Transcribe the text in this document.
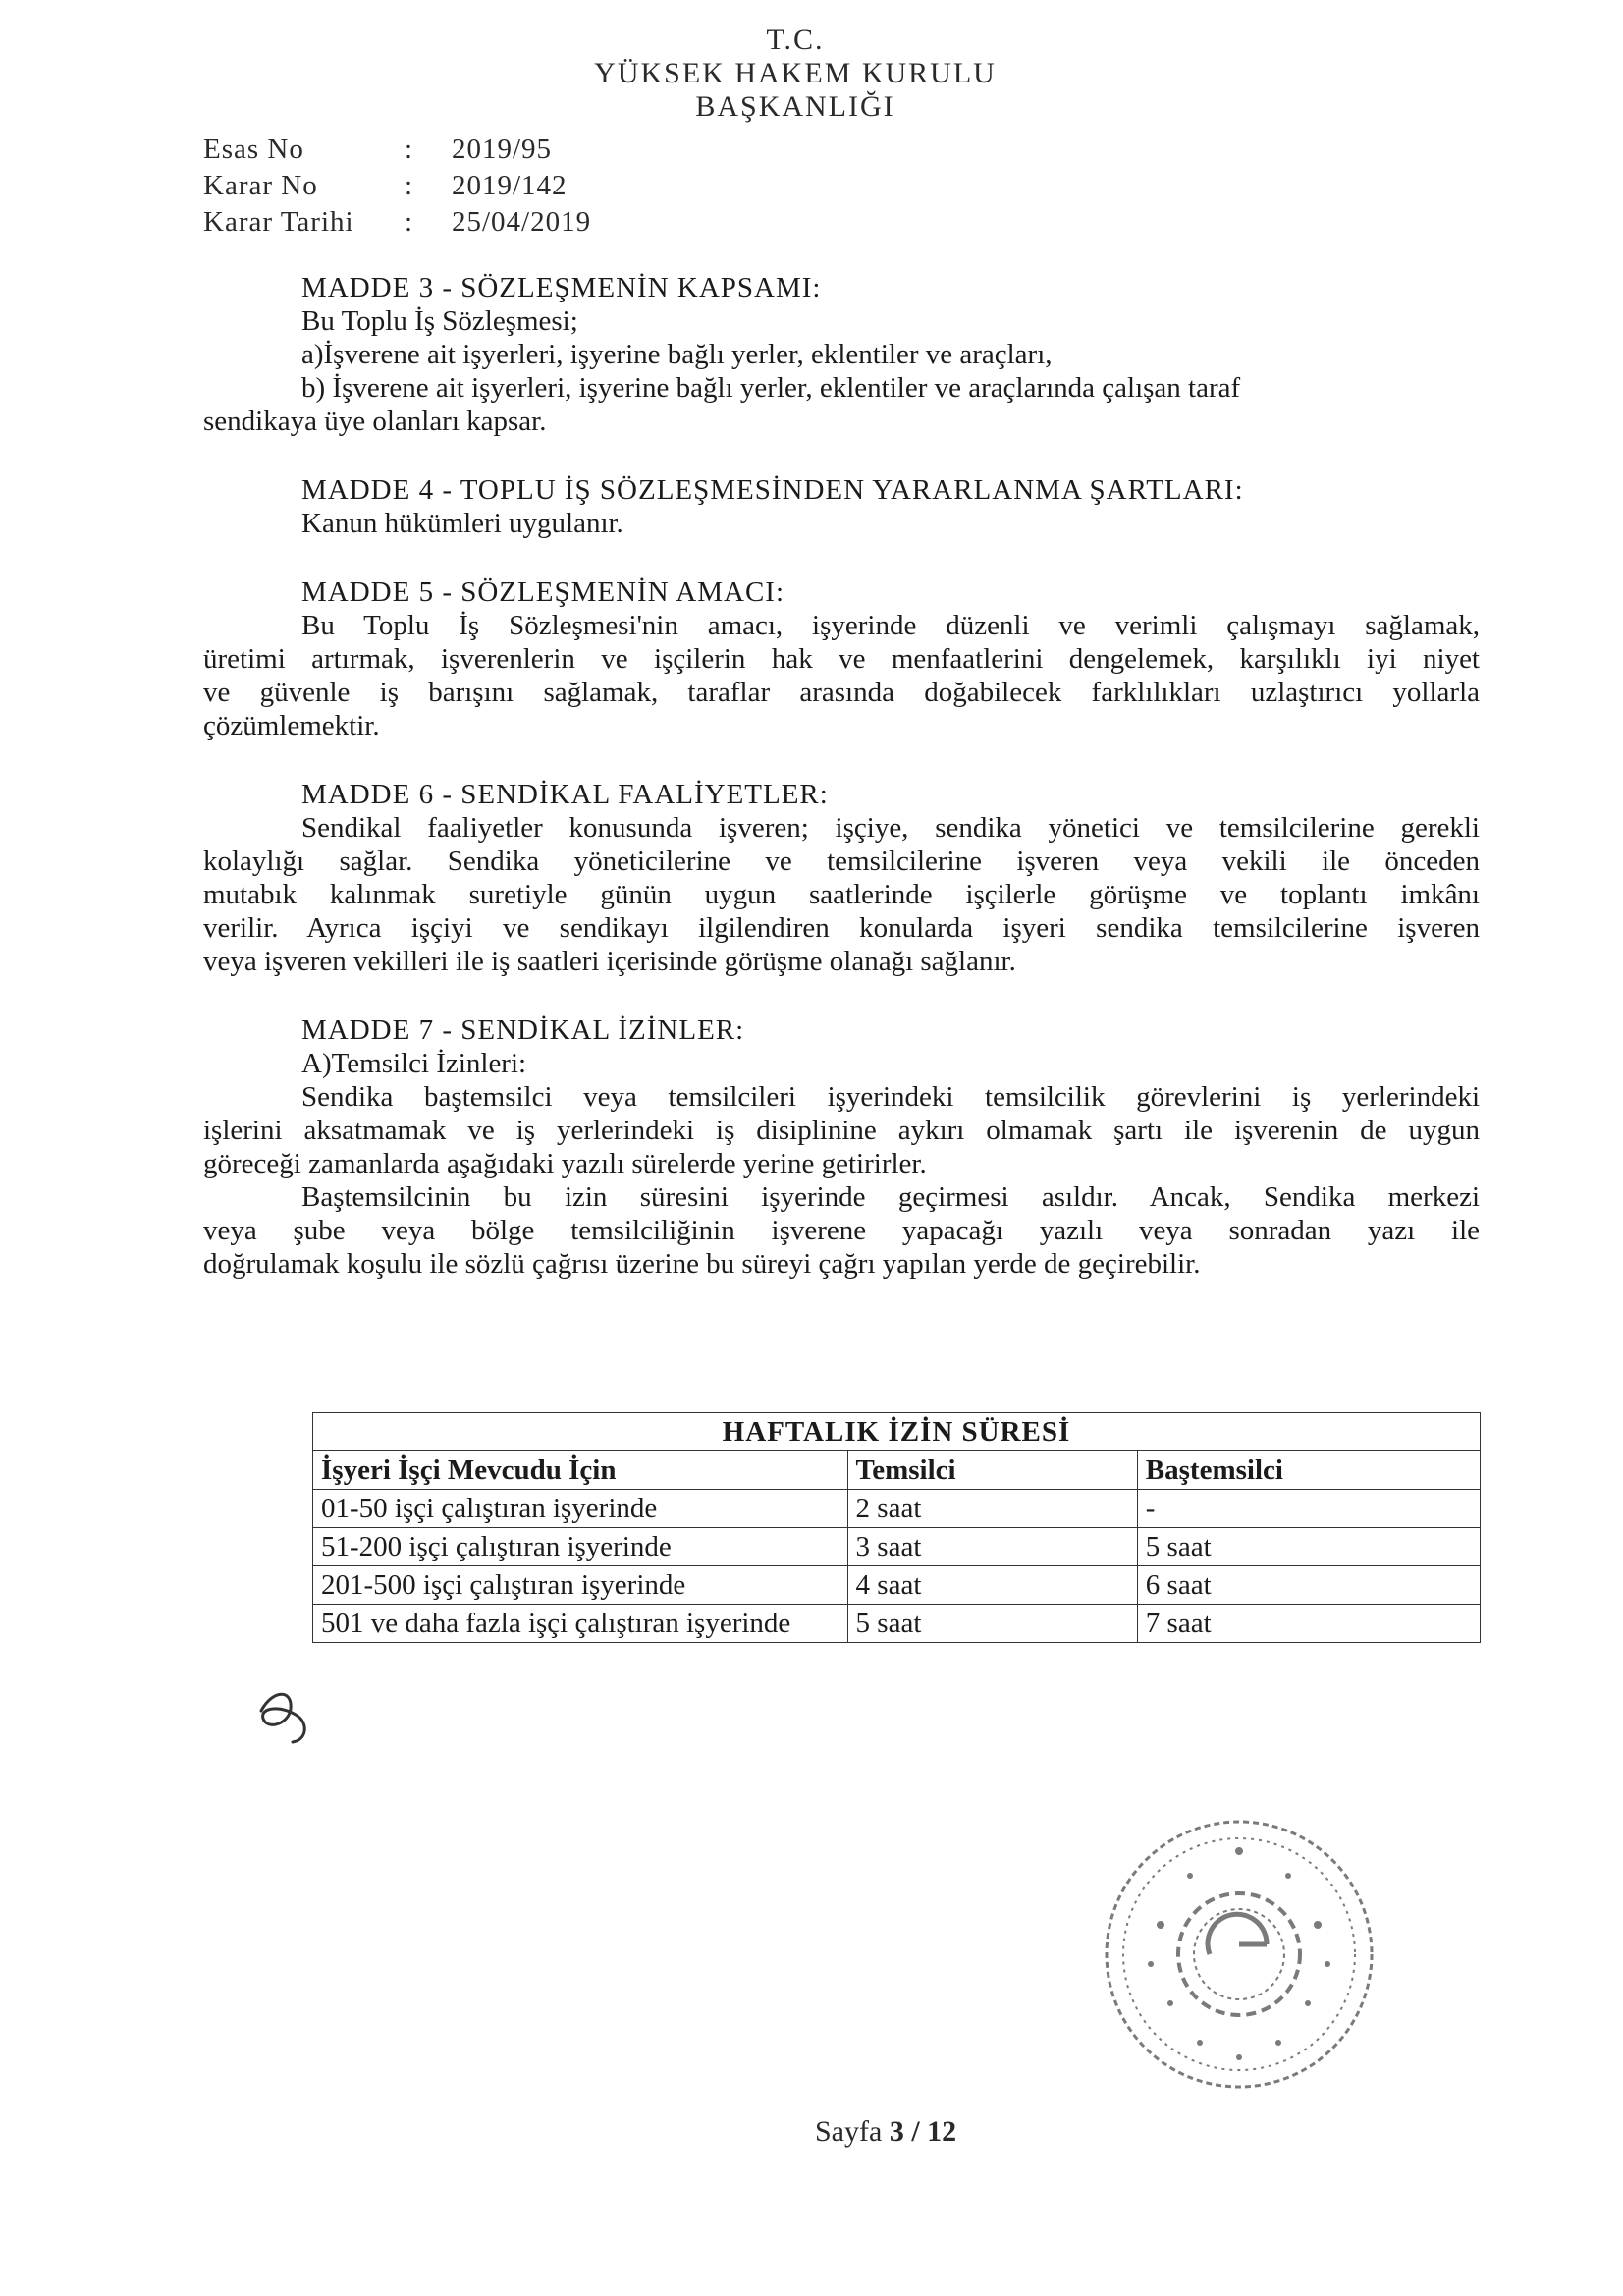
T.C.
YÜKSEK HAKEM KURULU
BAŞKANLIĞI
Esas No	:	2019/95
Karar No	:	2019/142
Karar Tarihi	:	25/04/2019

MADDE 3 - SÖZLEŞMENİN KAPSAMI:

Bu Toplu İş Sözleşmesi;

a)İşverene ait işyerleri, işyerine bağlı yerler, eklentiler ve araçları,

b) İşverene ait işyerleri, işyerine bağlı yerler, eklentiler ve araçlarında çalışan taraf

sendikaya üye olanları kapsar.

MADDE 4 - TOPLU İŞ SÖZLEŞMESİNDEN YARARLANMA ŞARTLARI:

Kanun hükümleri uygulanır.

MADDE 5 - SÖZLEŞMENİN AMACI:

Bu Toplu İş Sözleşmesi'nin amacı, işyerinde düzenli ve verimli çalışmayı sağlamak,

üretimi artırmak, işverenlerin ve işçilerin hak ve menfaatlerini dengelemek, karşılıklı iyi niyet

ve güvenle iş barışını sağlamak, taraflar arasında doğabilecek farklılıkları uzlaştırıcı yollarla

çözümlemektir.

MADDE 6 - SENDİKAL FAALİYETLER:

Sendikal faaliyetler konusunda işveren; işçiye, sendika yönetici ve temsilcilerine gerekli

kolaylığı sağlar. Sendika yöneticilerine ve temsilcilerine işveren veya vekili ile önceden

mutabık kalınmak suretiyle günün uygun saatlerinde işçilerle görüşme ve toplantı imkânı

verilir. Ayrıca işçiyi ve sendikayı ilgilendiren konularda işyeri sendika temsilcilerine işveren

veya işveren vekilleri ile iş saatleri içerisinde görüşme olanağı sağlanır.

MADDE 7 - SENDİKAL İZİNLER:

A)Temsilci İzinleri:

Sendika baştemsilci veya temsilcileri işyerindeki temsilcilik görevlerini iş yerlerindeki

işlerini aksatmamak ve iş yerlerindeki iş disiplinine aykırı olmamak şartı ile işverenin de uygun

göreceği zamanlarda aşağıdaki yazılı sürelerde yerine getirirler.

Baştemsilcinin bu izin süresini işyerinde geçirmesi asıldır. Ancak, Sendika merkezi

veya şube veya bölge temsilciliğinin işverene yapacağı yazılı veya sonradan yazı ile

doğrulamak koşulu ile sözlü çağrısı üzerine bu süreyi çağrı yapılan yerde de geçirebilir.

HAFTALIK İZİN SÜRESİ		
İşyeri İşçi Mevcudu İçin	Temsilci	Baştemsilci
01-50 işçi çalıştıran işyerinde	2 saat	-
51-200 işçi çalıştıran işyerinde	3 saat	5 saat
201-500 işçi çalıştıran işyerinde	4 saat	6 saat
501 ve daha fazla işçi çalıştıran işyerinde	5 saat	7 saat
Sayfa 3 / 12
